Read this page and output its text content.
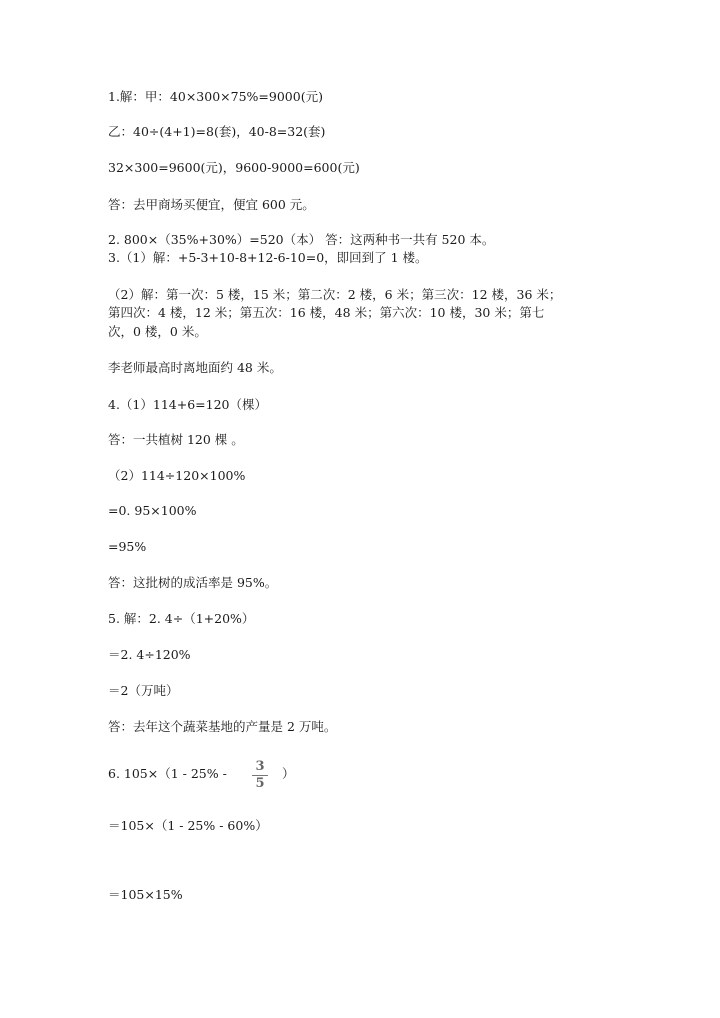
1.解：甲：40×300×75%=9000(元)
乙：40÷(4+1)=8(套)，40-8=32(套)
32×300=9600(元)，9600-9000=600(元)
答：去甲商场买便宜，便宜 600 元。
2. 800×（35%+30%）=520（本） 答：这两种书一共有 520 本。
3.（1）解：+5-3+10-8+12-6-10=0，即回到了 1 楼。
（2）解：第一次：5 楼，15 米；第二次：2 楼，6 米；第三次：12 楼，36 米；
第四次：4 楼，12 米；第五次：16 楼，48 米；第六次：10 楼，30 米；第七
次，0 楼，0 米。
李老师最高时离地面约 48 米。
4.（1）114+6=120（棵）
答：一共植树 120 棵 。
（2）114÷120×100%
=0. 95×100%
=95%
答：这批树的成活率是 95%。
5. 解：2. 4÷（1+20%）
＝2. 4÷120%
＝2（万吨）
答：去年这个蔬菜基地的产量是 2 万吨。
6. 105×（1 - 25% - 3
5
）
＝105×（1 - 25% - 60%）
＝105×15%
